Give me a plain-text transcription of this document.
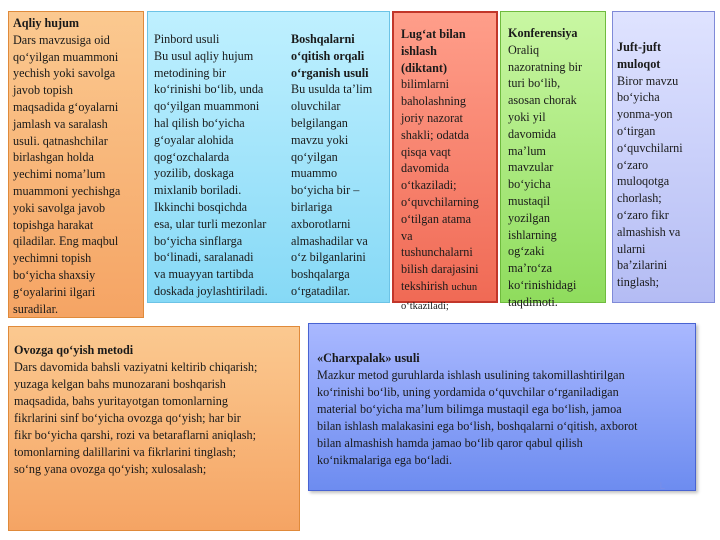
Aqliy hujum
Dars mavzusiga oid
qo‘yilgan muammoni
yechish yoki savolga
javob topish
maqsadida g‘oyalarni
jamlash va saralash
usuli. qatnashchilar
birlashgan holda
yechimi noma’lum
muammoni yechishga
yoki savolga javob
topishga harakat
qiladilar. Eng maqbul
yechimni topish
bo‘yicha shaxsiy
g‘oyalarini ilgari
suradilar.

Pinbord usuli
Bu usul aqliy hujum
metodining bir
ko‘rinishi bo‘lib, unda
qo‘yilgan muammoni
hal qilish bo‘yicha
g‘oyalar alohida
qog‘ozchalarda
yozilib, doskaga
mixlanib boriladi.
Ikkinchi bosqichda
esa, ular turli mezonlar
bo‘yicha sinflarga
bo‘linadi, saralanadi
va muayyan tartibda
doskada joylashtiriladi.

Boshqalarni
o‘qitish orqali
o‘rganish usuli
Bu usulda ta’lim
oluvchilar
belgilangan
mavzu yoki
qo‘yilgan
muammo
bo‘yicha bir –
birlariga
axborotlarni
almashadilar va
o‘z bilganlarini
boshqalarga
o‘rgatadilar.

Lug‘at bilan
ishlash
(diktant)
bilimlarni
baholashning
joriy nazorat
shakli; odatda
qisqa vaqt
davomida
o‘tkaziladi;
o‘quvchilarning
o‘tilgan atama
va
tushunchalarni
bilish darajasini
tekshirish uchun
o‘tkaziladi;
Konferensiya
Oraliq
nazoratning bir
turi bo‘lib,
asosan chorak
yoki yil
davomida
ma’lum
mavzular
bo‘yicha
mustaqil
yozilgan
ishlarning
og‘zaki
ma’ro‘za
ko‘rinishidagi
taqdimoti.
Juft-juft
muloqot
Biror mavzu
bo‘yicha
yonma-yon
o‘tirgan
o‘quvchilarni
o‘zaro
muloqotga
chorlash;
o‘zaro fikr
almashish va
ularni
ba’zilarini
tinglash;
Ovozga qo‘yish metodi
Dars davomida bahsli vaziyatni keltirib chiqarish;
yuzaga kelgan bahs munozarani boshqarish
maqsadida, bahs yuritayotgan tomonlarning
fikrlarini sinf bo‘yicha ovozga qo‘yish; har bir
fikr bo‘yicha qarshi, rozi va betaraflarni aniqlash;
tomonlarning dalillarini va fikrlarini tinglash;
so‘ng yana ovozga qo‘yish; xulosalash;
«Charxpalak» usuli
Mazkur metod guruhlarda ishlash usulining takomillashtirilgan
ko‘rinishi bo‘lib, uning yordamida o‘quvchilar o‘rganiladigan
material bo‘yicha ma’lum bilimga mustaqil ega bo‘lish, jamoa
bilan ishlash malakasini ega bo‘lish, boshqalarni o‘qitish, axborot
bilan almashish hamda jamao bo‘lib qaror qabul qilish
ko‘nikmalariga ega bo‘ladi.
└
